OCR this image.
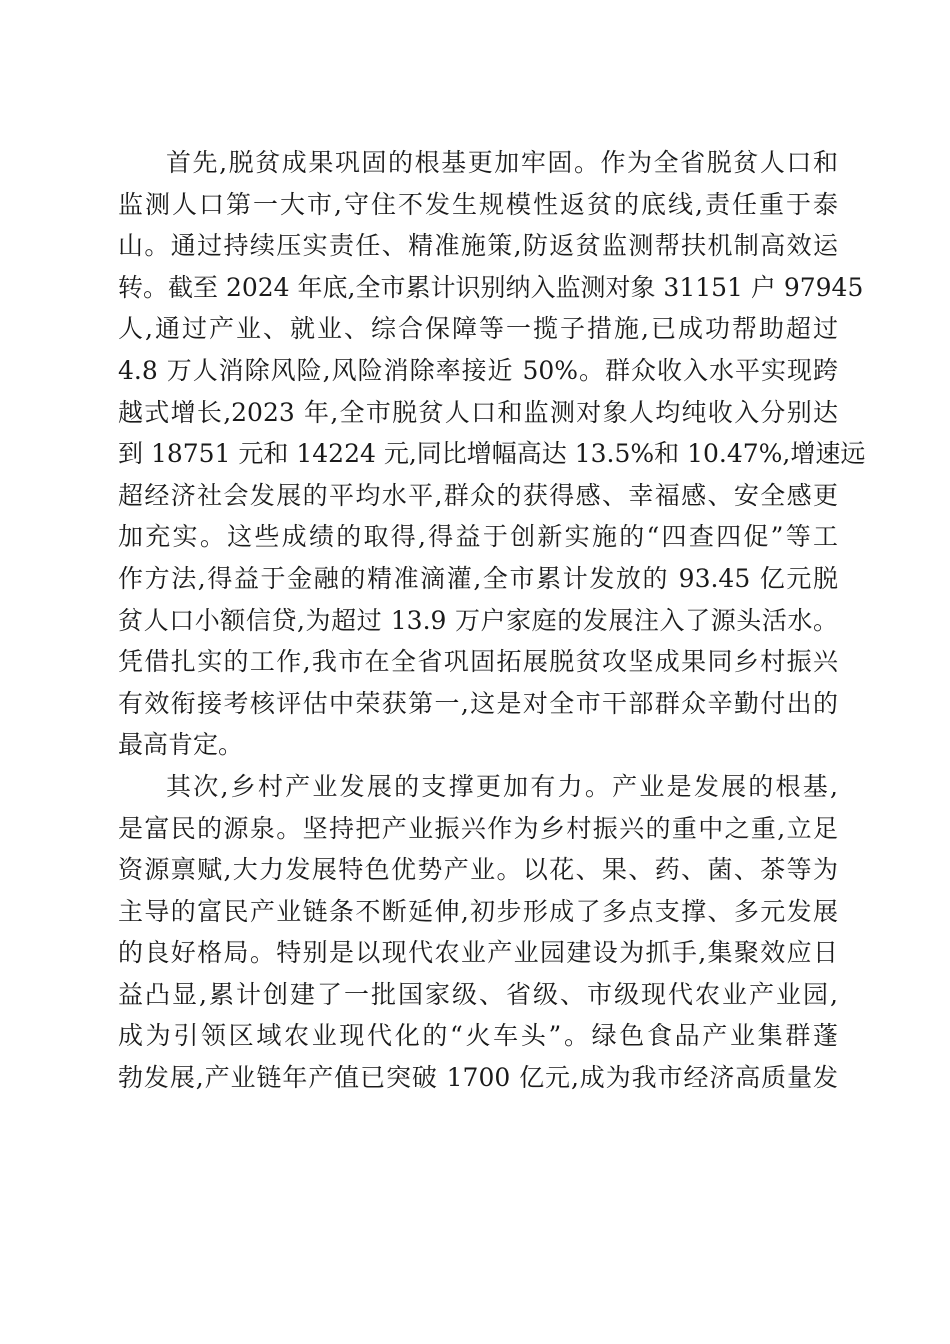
首先,脱贫成果巩固的根基更加牢固。作为全省脱贫人口和
监测人口第一大市,守住不发生规模性返贫的底线,责任重于泰
山。通过持续压实责任、精准施策,防返贫监测帮扶机制高效运
转。截至 2024 年底,全市累计识别纳入监测对象 31151 户 97945
人,通过产业、就业、综合保障等一揽子措施,已成功帮助超过
4.8 万人消除风险,风险消除率接近 50%。群众收入水平实现跨
越式增长,2023 年,全市脱贫人口和监测对象人均纯收入分别达
到 18751 元和 14224 元,同比增幅高达 13.5%和 10.47%,增速远
超经济社会发展的平均水平,群众的获得感、幸福感、安全感更
加充实。这些成绩的取得,得益于创新实施的“四查四促”等工
作方法,得益于金融的精准滴灌,全市累计发放的 93.45 亿元脱
贫人口小额信贷,为超过 13.9 万户家庭的发展注入了源头活水。
凭借扎实的工作,我市在全省巩固拓展脱贫攻坚成果同乡村振兴
有效衔接考核评估中荣获第一,这是对全市干部群众辛勤付出的
最高肯定。
其次,乡村产业发展的支撑更加有力。产业是发展的根基,
是富民的源泉。坚持把产业振兴作为乡村振兴的重中之重,立足
资源禀赋,大力发展特色优势产业。以花、果、药、菌、茶等为
主导的富民产业链条不断延伸,初步形成了多点支撑、多元发展
的良好格局。特别是以现代农业产业园建设为抓手,集聚效应日
益凸显,累计创建了一批国家级、省级、市级现代农业产业园,
成为引领区域农业现代化的“火车头”。绿色食品产业集群蓬
勃发展,产业链年产值已突破 1700 亿元,成为我市经济高质量发
